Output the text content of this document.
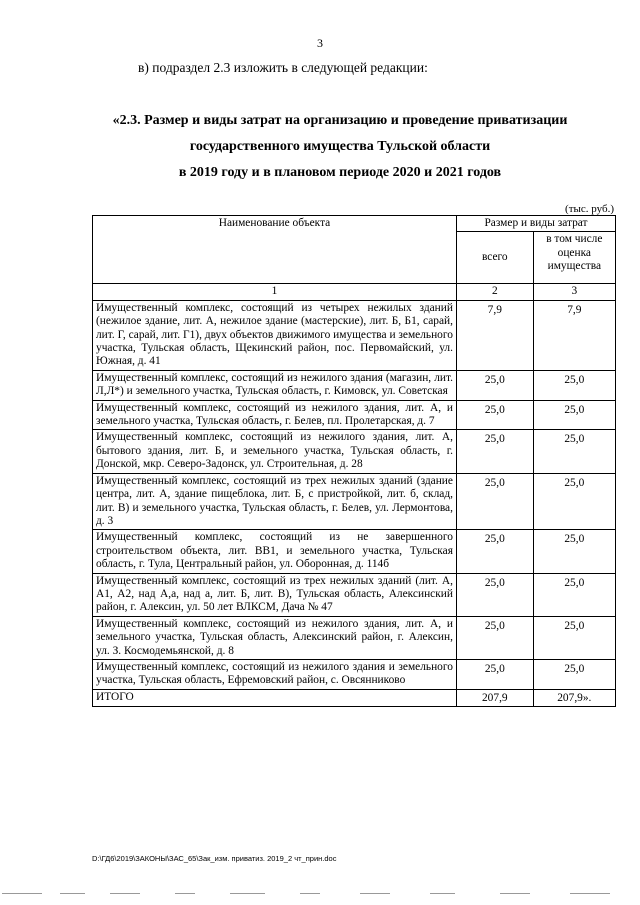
3
в) подраздел 2.3 изложить в следующей редакции:
«2.3. Размер и виды затрат на организацию и проведение приватизации
государственного имущества Тульской области
в 2019 году и в плановом периоде 2020 и 2021 годов
(тыс. руб.)
Наименование объекта	Размер и виды затрат	
	всего	в том числе оценка имущества
1	2	3
Имущественный комплекс, состоящий из четырех нежилых зданий (нежилое здание, лит. А, нежилое здание (мастерские), лит. Б, Б1, сарай, лит. Г, сарай, лит. Г1), двух объектов движимого имущества и земельного участка, Тульская область, Щекинский район, пос. Первомайский, ул. Южная, д. 41	7,9	7,9
Имущественный комплекс, состоящий из нежилого здания (магазин, лит. Л,Л*) и земельного участка, Тульская область, г. Кимовск, ул. Советская	25,0	25,0
Имущественный комплекс, состоящий из нежилого здания, лит. А, и земельного участка, Тульская область, г. Белев, пл. Пролетарская, д. 7	25,0	25,0
Имущественный комплекс, состоящий из нежилого здания, лит. А, бытового здания, лит. Б, и земельного участка, Тульская область, г. Донской, мкр. Северо-Задонск, ул. Строительная, д. 28	25,0	25,0
Имущественный комплекс, состоящий из трех нежилых зданий (здание центра, лит. А, здание пищеблока, лит. Б, с пристройкой, лит. б, склад, лит. В) и земельного участка, Тульская область, г. Белев, ул. Лермонтова, д. 3	25,0	25,0
Имущественный комплекс, состоящий из не завершенного строительством объекта, лит. ВВ1, и земельного участка, Тульская область, г. Тула, Центральный район, ул. Оборонная, д. 114б	25,0	25,0
Имущественный комплекс, состоящий из трех нежилых зданий (лит. А, А1, А2, над А,а, над а, лит. Б, лит. В), Тульская область, Алексинский район, г. Алексин, ул. 50 лет ВЛКСМ, Дача № 47	25,0	25,0
Имущественный комплекс, состоящий из нежилого здания, лит. А, и земельного участка, Тульская область, Алексинский район, г. Алексин, ул. З. Космодемьянской, д. 8	25,0	25,0
Имущественный комплекс, состоящий из нежилого здания и земельного участка, Тульская область, Ефремовский район, с. Овсянниково	25,0	25,0
ИТОГО	207,9	207,9».
D:\ГД6\2019\ЗАКОНЫ\ЗАС_65\Зак_изм. приватиз. 2019_2 чт_прин.doc
